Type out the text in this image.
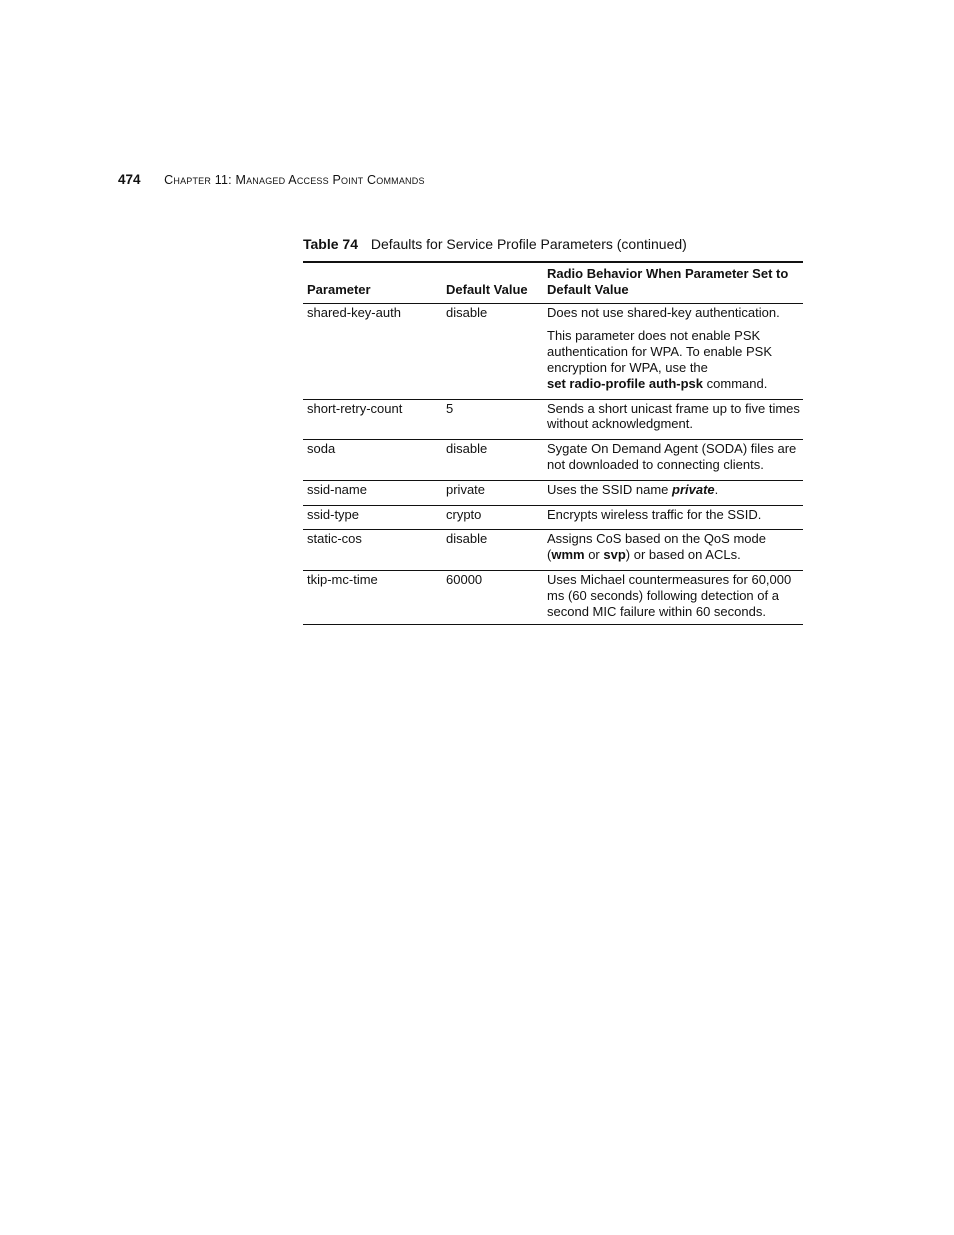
474 Chapter 11: Managed Access Point Commands
Table 74 Defaults for Service Profile Parameters (continued)
Parameter	Default Value	Radio Behavior When Parameter Set to Default Value
shared-key-auth	disable	Does not use shared-key authentication.
This parameter does not enable PSK authentication for WPA. To enable PSK encryption for WPA, use the
set radio-profile auth-psk command.

short-retry-count	5	Sends a short unicast frame up to five times without acknowledgment.
soda	disable	Sygate On Demand Agent (SODA) files are not downloaded to connecting clients.
ssid-name	private	Uses the SSID name private.
ssid-type	crypto	Encrypts wireless traffic for the SSID.
static-cos	disable	Assigns CoS based on the QoS mode (wmm or svp) or based on ACLs.
tkip-mc-time	60000	Uses Michael countermeasures for 60,000 ms (60 seconds) following detection of a second MIC failure within 60 seconds.
